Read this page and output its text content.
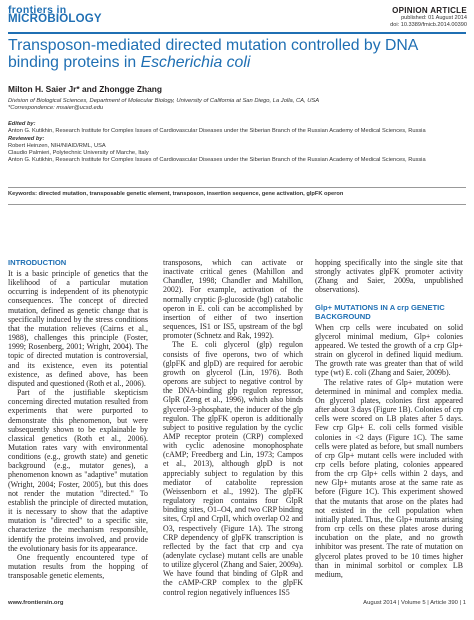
frontiers in
MICROBIOLOGY
OPINION ARTICLE
published: 01 August 2014
doi: 10.3389/fmicb.2014.00390
Transposon-mediated directed mutation controlled by DNA binding proteins in Escherichia coli
Milton H. Saier Jr* and Zhongge Zhang
Division of Biological Sciences, Department of Molecular Biology, University of California at San Diego, La Jolla, CA, USA
*Correspondence: msaier@ucsd.edu
Edited by:
Anton G. Kutikhin, Research Institute for Complex Issues of Cardiovascular Diseases under the Siberian Branch of the Russian Academy of Medical Sciences, Russia
Reviewed by:
Robert Heinzen, NIH/NIAID/RML, USA
Claudio Palmieri, Polytechnic University of Marche, Italy
Anton G. Kutikhin, Research Institute for Complex Issues of Cardiovascular Diseases under the Siberian Branch of the Russian Academy of Medical Sciences, Russia
Keywords: directed mutation, transposable genetic element, transposon, insertion sequence, gene activation, glpFK operon
INTRODUCTION

It is a basic principle of genetics that the likelihood of a particular mutation occurring is independent of its phenotypic consequences. The concept of directed mutation, defined as genetic change that is specifically induced by the stress conditions that the mutation relieves (Cairns et al., 1988), challenges this principle (Foster, 1999; Rosenberg, 2001; Wright, 2004). The topic of directed mutation is controversial, and its existence, even its potential existence, as defined above, has been disputed and questioned (Roth et al., 2006).

Part of the justifiable skepticism concerning directed mutation resulted from experiments that were purported to demonstrate this phenomenon, but were subsequently shown to be explainable by classical genetics (Roth et al., 2006). Mutation rates vary with environmental conditions (e.g., growth state) and genetic background (e.g., mutator genes), a phenomenon known as "adaptive" mutation (Wright, 2004; Foster, 2005), but this does not render the mutation "directed." To establish the principle of directed mutation, it is necessary to show that the adaptive mutation is "directed" to a specific site, characterize the mechanism responsible, identify the proteins involved, and provide the evolutionary basis for its appearance.

One frequently encountered type of mutation results from the hopping of transposable genetic elements,

transposons, which can activate or inactivate critical genes (Mahillon and Chandler, 1998; Chandler and Mahillon, 2002). For example, activation of the normally cryptic β-glucoside (bgl) catabolic operon in E. coli can be accomplished by insertion of either of two insertion sequences, IS1 or IS5, upstream of the bgl promoter (Schnetz and Rak, 1992).

The E. coli glycerol (glp) regulon consists of five operons, two of which (glpFK and glpD) are required for aerobic growth on glycerol (Lin, 1976). Both operons are subject to negative control by the DNA-binding glp regulon repressor, GlpR (Zeng et al., 1996), which also binds glycerol-3-phosphate, the inducer of the glp regulon. The glpFK operon is additionally subject to positive regulation by the cyclic AMP receptor protein (CRP) complexed with cyclic adenosine monophosphate (cAMP; Freedberg and Lin, 1973; Campos et al., 2013), although glpD is not appreciably subject to regulation by this mediator of catabolite repression (Weissenborn et al., 1992). The glpFK regulatory region contains four GlpR binding sites, O1–O4, and two CRP binding sites, CrpI and CrpII, which overlap O2 and O3, respectively (Figure 1A). The strong CRP dependency of glpFK transcription is reflected by the fact that crp and cya (adenylate cyclase) mutant cells are unable to utilize glycerol (Zhang and Saier, 2009a). We have found that binding of GlpR and the cAMP-CRP complex to the glpFK control region negatively influences IS5

hopping specifically into the single site that strongly activates glpFK promoter activity (Zhang and Saier, 2009a, unpublished observations).

Glp+ MUTATIONS IN A crp GENETIC BACKGROUND

When crp cells were incubated on solid glycerol minimal medium, Glp+ colonies appeared. We tested the growth of a crp Glp+ strain on glycerol in defined liquid medium. The growth rate was greater than that of wild type (wt) E. coli (Zhang and Saier, 2009b).

The relative rates of Glp+ mutation were determined in minimal and complex media. On glycerol plates, colonies first appeared after about 3 days (Figure 1B). Colonies of crp cells were scored on LB plates after 5 days. Few crp Glp+ E. coli cells formed visible colonies in <2 days (Figure 1C). The same cells were plated as before, but small numbers of crp Glp+ mutant cells were included with crp cells before plating, colonies appeared from the crp Glp+ cells within 2 days, and new Glp+ mutants arose at the same rate as before (Figure 1C). This experiment showed that the mutants that arose on the plates had not existed in the cell population when initially plated. Thus, the Glp+ mutants arising from crp cells on these plates arose during incubation on the plate, and no growth inhibitor was present. The rate of mutation on glycerol plates proved to be 10 times higher than in minimal sorbitol or complex LB medium,

www.frontiersin.org	August 2014 | Volume 5 | Article 390 | 1
